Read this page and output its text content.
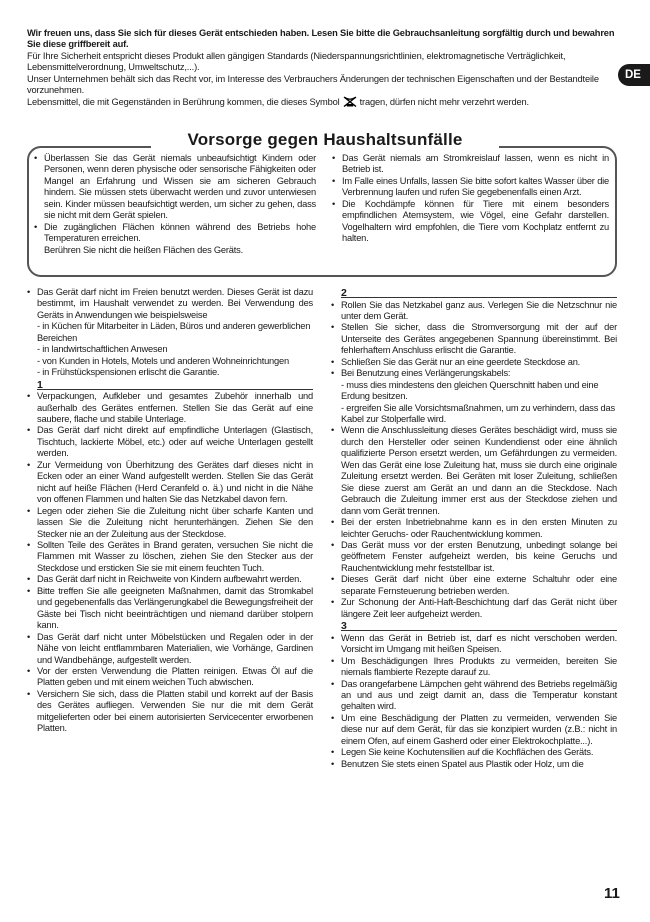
Wir freuen uns, dass Sie sich für dieses Gerät entschieden haben. Lesen Sie bitte die Gebrauchsanleitung sorgfältig durch und bewahren Sie diese griffbereit auf.

Für Ihre Sicherheit entspricht dieses Produkt allen gängigen Standards (Niederspannungsrichtlinien, elektromagnetische Verträglichkeit, Lebensmittelverordnung, Umweltschutz,...).

Unser Unternehmen behält sich das Recht vor, im Interesse des Verbrauchers Änderungen der technischen Eigenschaften und der Bestandteile vorzunehmen.

Lebensmittel, die mit Gegenständen in Berührung kommen, die dieses Symbol tragen, dürfen nicht mehr verzehrt werden.

DE
Vorsorge gegen Haushaltsunfälle
• Überlassen Sie das Gerät niemals unbeaufsichtigt Kindern oder Personen, wenn deren physische oder sensorische Fähigkeiten oder Mangel an Erfahrung und Wissen sie am sicheren Gebrauch hindern. Sie müssen stets überwacht werden und zuvor unterwiesen sein. Kinder müssen beaufsichtigt werden, um sicher zu gehen, dass sie nicht mit dem Gerät spielen.
• Die zugänglichen Flächen können während des Betriebs hohe Temperaturen erreichen.
Berühren Sie nicht die heißen Flächen des Geräts.
• Das Gerät niemals am Stromkreislauf lassen, wenn es nicht in Betrieb ist.
• Im Falle eines Unfalls, lassen Sie bitte sofort kaltes Wasser über die Verbrennung laufen und rufen Sie gegebenenfalls einen Arzt.
• Die Kochdämpfe können für Tiere mit einem besonders empfindlichen Atemsystem, wie Vögel, eine Gefahr darstellen. Vogelhaltern wird empfohlen, die Tiere vom Kochplatz entfernt zu halten.
• Das Gerät darf nicht im Freien benutzt werden. Dieses Gerät ist dazu bestimmt, im Haushalt verwendet zu werden. Bei Verwendung des Geräts in Anwendungen wie beispielsweise
- in Küchen für Mitarbeiter in Läden, Büros und anderen gewerblichen Bereichen
- in landwirtschaftlichen Anwesen
- von Kunden in Hotels, Motels und anderen Wohneinrichtungen
- in Frühstückspensionen erlischt die Garantie.
1
• Verpackungen, Aufkleber und gesamtes Zubehör innerhalb und außerhalb des Gerätes entfernen. Stellen Sie das Gerät auf eine saubere, flache und stabile Unterlage.
• Das Gerät darf nicht direkt auf empfindliche Unterlagen (Glastisch, Tischtuch, lackierte Möbel, etc.) oder auf weiche Unterlagen gestellt werden.
• Zur Vermeidung von Überhitzung des Gerätes darf dieses nicht in Ecken oder an einer Wand aufgestellt werden. Stellen Sie das Gerät nicht auf heiße Flächen (Herd Ceranfeld o. ä.) und nicht in die Nähe von offenen Flammen und halten Sie das Netzkabel davon fern.
• Legen oder ziehen Sie die Zuleitung nicht über scharfe Kanten und lassen Sie die Zuleitung nicht herunterhängen. Ziehen Sie den Stecker nie an der Zuleitung aus der Steckdose.
• Sollten Teile des Gerätes in Brand geraten, versuchen Sie nicht die Flammen mit Wasser zu löschen, ziehen Sie den Stecker aus der Steckdose und ersticken Sie sie mit einem feuchten Tuch.
• Das Gerät darf nicht in Reichweite von Kindern aufbewahrt werden.
• Bitte treffen Sie alle geeigneten Maßnahmen, damit das Stromkabel und gegebenenfalls das Verlängerungkabel die Bewegungsfreiheit der Gäste bei Tisch nicht beeinträchtigen und niemand darüber stolpern kann.
• Das Gerät darf nicht unter Möbelstücken und Regalen oder in der Nähe von leicht entflammbaren Materialien, wie Vorhänge, Gardinen und Wandbehänge, aufgestellt werden.
• Vor der ersten Verwendung die Platten reinigen. Etwas Öl auf die Platten geben und mit einem weichen Tuch abwischen.
• Versichern Sie sich, dass die Platten stabil und korrekt auf der Basis des Gerätes aufliegen. Verwenden Sie nur die mit dem Gerät mitgelieferten oder bei einem autorisierten Servicecenter erworbenen Platten.
2
• Rollen Sie das Netzkabel ganz aus. Verlegen Sie die Netzschnur nie unter dem Gerät.
• Stellen Sie sicher, dass die Stromversorgung mit der auf der Unterseite des Gerätes angegebenen Spannung übereinstimmt. Bei fehlerhaftem Anschluss erlischt die Garantie.
• Schließen Sie das Gerät nur an eine geerdete Steckdose an.
• Bei Benutzung eines Verlängerungskabels:
- muss dies mindestens den gleichen Querschnitt haben und eine Erdung besitzen.
- ergreifen Sie alle Vorsichtsmaßnahmen, um zu verhindern, dass das Kabel zur Stolperfalle wird.
• Wenn die Anschlussleitung dieses Gerätes beschädigt wird, muss sie durch den Hersteller oder seinen Kundendienst oder eine ähnlich qualifizierte Person ersetzt werden, um Gefährdungen zu vermeiden. Wen das Gerät eine lose Zuleitung hat, muss sie durch eine originale Zuleitung ersetzt werden. Bei Geräten mit loser Zuleitung, schließen Sie diese zuerst am Gerät an und dann an die Steckdose. Nach Gebrauch die Zuleitung immer erst aus der Steckdose ziehen und dann vom Gerät trennen.
• Bei der ersten Inbetriebnahme kann es in den ersten Minuten zu leichter Geruchs- oder Rauchentwicklung kommen.
• Das Gerät muss vor der ersten Benutzung, unbedingt solange bei geöffnetem Fenster aufgeheizt werden, bis keine Geruchs und Rauchentwicklung mehr feststellbar ist.
• Dieses Gerät darf nicht über eine externe Schaltuhr oder eine separate Fernsteuerung betrieben werden.
• Zur Schonung der Anti-Haft-Beschichtung darf das Gerät nicht über längere Zeit leer aufgeheizt werden.
3
• Wenn das Gerät in Betrieb ist, darf es nicht verschoben werden. Vorsicht im Umgang mit heißen Speisen.
• Um Beschädigungen Ihres Produkts zu vermeiden, bereiten Sie niemals flambierte Rezepte darauf zu.
• Das orangefarbene Lämpchen geht während des Betriebs regelmäßig an und aus und zeigt damit an, dass die Temperatur konstant gehalten wird.
• Um eine Beschädigung der Platten zu vermeiden, verwenden Sie diese nur auf dem Gerät, für das sie konzipiert wurden (z.B.: nicht in einem Ofen, auf einem Gasherd oder einer Elektrokochplatte...).
• Legen Sie keine Kochutensilien auf die Kochflächen des Geräts.
• Benutzen Sie stets einen Spatel aus Plastik oder Holz, um die
11
